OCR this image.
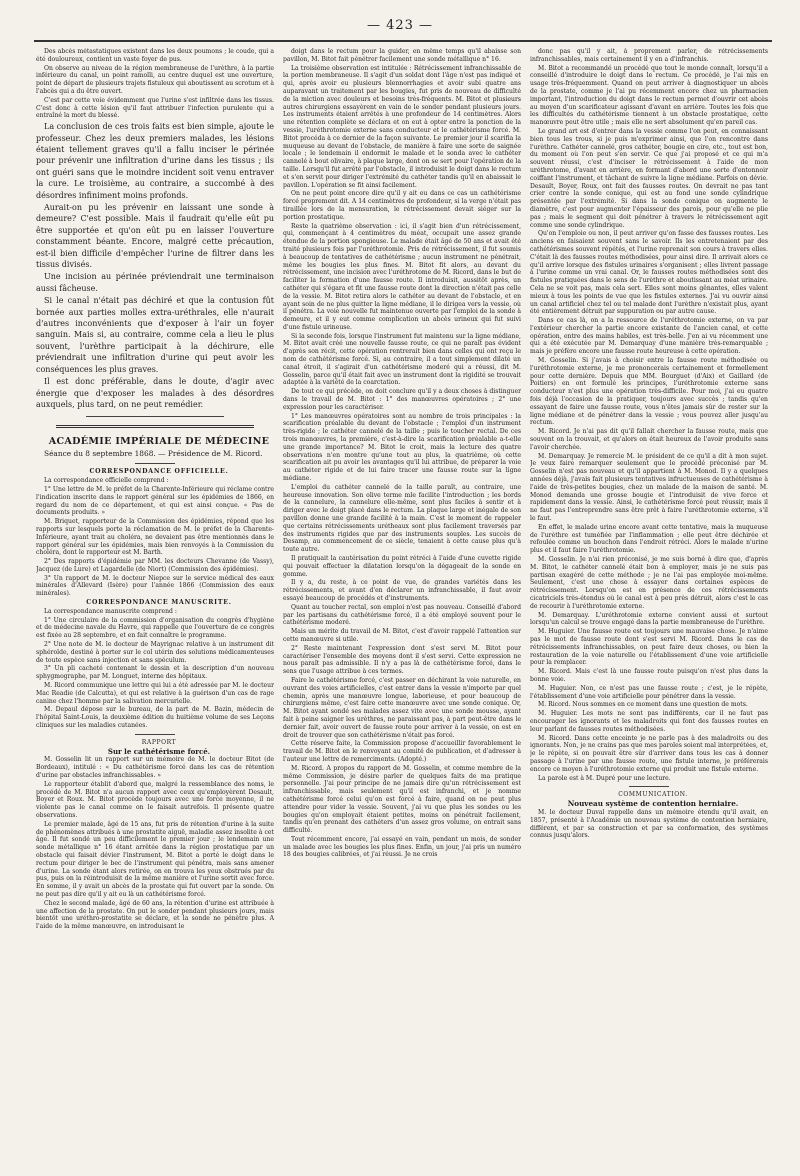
— 423 —

Des abcès métastatiques existent dans les deux poumons ; le coude, qui a été douloureux, contient un vaste foyer de pus.

On observe au niveau de la région membraneuse de l'urèthre, à la partie inférieure du canal, un point ramolli, au centre duquel est une ouverture, point de départ de plusieurs trajets fistuleux qui aboutissent au scrotum et à l'abcès qui a du être ouvert.

C'est par cette voie évidemment que l'urine s'est infiltrée dans les tissus. C'est donc à cette lésion qu'il faut attribuer l'infection purulente qui a entraîné la mort du blessé.

La conclusion de ces trois faits est bien simple, ajoute le professeur. Chez les deux premiers malades, les lésions étaient tellement graves qu'il a fallu inciser le périnée pour prévenir une infiltration d'urine dans les tissus ; ils ont guéri sans que le moindre incident soit venu entraver la cure. Le troisième, au contraire, a succombé à des désordres infiniment moins profonds.

Aurait-on pu les prévenir en laissant une sonde à demeure? C'est possible. Mais il faudrait qu'elle eût pu être supportée et qu'on eût pu en laisser l'ouverture constamment béante. Encore, malgré cette précaution, est-il bien difficile d'empêcher l'urine de filtrer dans les tissus divisés.

Une incision au périnée préviendrait une terminaison aussi fâcheuse.

Si le canal n'était pas déchiré et que la contusion fût bornée aux parties molles extra-uréthrales, elle n'aurait d'autres inconvénients que d'exposer à l'air un foyer sanguin. Mais si, au contraire, comme cela a lieu le plus souvent, l'urèthre participait à la déchirure, elle préviendrait une infiltration d'urine qui peut avoir les conséquences les plus graves.

Il est donc préférable, dans le doute, d'agir avec énergie que d'exposer les malades à des désordres auxquels, plus tard, on ne peut remédier.

ACADÉMIE IMPÉRIALE DE MÉDECINE

Séance du 8 septembre 1868. — Présidence de M. Ricord.

CORRESPONDANCE OFFICIELLE.

La correspondance officielle comprend :

1° Une lettre de M. le préfet de la Charente-Inférieure qui réclame contre l'indication inscrite dans le rapport général sur les épidémies de 1866, en regard du nom de ce département, et qui est ainsi conçue. « Pas de documents produits. »

M. Briquet, rapporteur de la Commission des épidémies, répond que les rapports sur lesquels porte la réclamation de M. le préfet de la Charente-Inférieure, ayant trait au choléra, ne devaient pas être mentionnés dans le rapport général sur les épidémies, mais bien renvoyés à la Commission du choléra, dont le rapporteur est M. Barth.

2° Des rapports d'épidémie par MM. les docteurs Chevanne (de Vassy), Jacquez (de Lure) et Lagardelle (de Niort) (Commission des épidémies).

3° Un rapport de M. le docteur Niepce sur le service médical des eaux minérales d'Allevard (Isère) pour l'année 1866 (Commission des eaux minérales).

CORRESPONDANCE MANUSCRITE.

La correspondance manuscrite comprend :

1° Une circulaire de la commission d'organisation du congrès d'hygiène et de médecine navale du Havre, qui rappelle que l'ouverture de ce congrès est fixée au 28 septembre, et en fait connaître le programme.

2° Une note de M. le docteur de Mayrignac relative à un instrument dit sphéroïde, destiné à porter sur le col utérin des solutions médicamenteuses de toute espèce sans injection et sans spéculum.

3° Un pli cacheté contenant le dessin et la description d'un nouveau sphygmographe, par M. Longuet, interne des hôpitaux.

M. Ricord communique une lettre qui lui a été adressée par M. le docteur Mac Readie (de Calcutta), et qui est relative à la guérison d'un cas de rage canine chez l'homme par la salivation mercurielle.

M. Depaul dépose sur le bureau, de la part de M. Bazin, médecin de l'hôpital Saint-Louis, la deuxième édition du huitième volume de ses Leçons cliniques sur les maladies cutanées.

RAPPORT

Sur le cathétérisme forcé.

M. Gosselin lit un rapport sur un mémoire de M. le docteur Bitot (de Bordeaux), intitulé : « Du cathétérisme forcé dans les cas de rétention d'urine par obstacles infranchissables. »

Le rapporteur établit d'abord que, malgré la ressemblance des noms, le procédé de M. Bitot n'a aucun rapport avec ceux qu'employèrent Desault, Boyer et Roux. M. Bitot procède toujours avec une force moyenne, il ne violente pas le canal comme on le faisait autrefois. Il présente quatre observations.

Le premier malade, âgé de 15 ans, fut pris de rétention d'urine à la suite de phénomènes attribués à une prostatite aiguë, maladie assez insolite à cet âge. Il fut sondé un peu difficilement le premier jour ; le lendemain une sonde métallique n° 16 étant arrêtée dans la région prostatique par un obstacle qui faisait dévier l'instrument, M. Bitot a porté le doigt dans le rectum pour diriger le bec de l'instrument qui pénétra, mais sans amener d'urine. La sonde étant alors retirée, on en trouva les yeux obstrués par du pus, puis on la réintroduisit de la même manière et l'urine sortit avec force. En somme, il y avait un abcès de la prostate qui fut ouvert par la sonde. On ne peut pas dire qu'il y ait eu là un cathétérisme forcé.

Chez le second malade, âgé de 60 ans, la rétention d'urine est attribuée à une affection de la prostate. On put le sonder pendant plusieurs jours, mais bientôt une uréthro-prostatite se déclare, et la sonde ne pénètre plus. A l'aide de la même manœuvre, en introduisant le

doigt dans le rectum pour la guider, en même temps qu'il abaisse son pavillon, M. Bitot fait pénétrer facilement une sonde métallique n° 16.

La troisième observation est intitulée : Rétrécissement infranchissable de la portion membraneuse. Il s'agit d'un soldat dont l'âge n'est pas indiqué et qui, après avoir eu plusieurs blennorrhagies et avoir subi quatre ans auparavant un traitement par les bougies, fut pris de nouveau de difficulté de la miction avec douleurs et besoins très-fréquents. M. Bitot et plusieurs autres chirurgiens essayèrent en vain de le sonder pendant plusieurs jours. Les instruments étaient arrêtés à une profondeur de 14 centimètres. Alors une rétention complète se déclara et on eut à opter entre la ponction de la vessie, l'uréthrotomie externe sans conducteur et le cathétérisme forcé. M. Bitot procéda à ce dernier de la façon suivante. Le premier jour il scarifia la muqueuse au devant de l'obstacle, de manière à faire une sorte de saignée locale ; le lendemain il endormit le malade et le sonda avec le cathéter cannelé à bout olivaire, à plaque large, dont on se sert pour l'opération de la taille. Lorsqu'il fut arrêté par l'obstacle, il introduisit le doigt dans le rectum et s'en servit pour diriger l'extrémité du cathéter tandis qu'il en abaissait le pavillon. L'opération se fit ainsi facilement.

On ne peut point encore dire qu'il y ait eu dans ce cas un cathétérisme forcé proprement dit. A 14 centimètres de profondeur, si la verge n'était pas tiraillée lors de la mensuration, le rétrécissement devait siéger sur la portion prostatique.

Reste la quatrième observation : ici, il s'agit bien d'un rétrécissement, qui, commençant à 4 centimètres du méat, occupait une assez grande étendue de la portion spongieuse. Le malade était âgé de 50 ans et avait été traité plusieurs fois par l'uréthrotomie. Pris de rétrécissement, il fut soumis à beaucoup de tentatives de cathétérisme ; aucun instrument ne pénétrait, même les bougies les plus fines. M. Bitot fit alors, au devant du rétrécissement, une incision avec l'uréthrotome de M. Ricord, dans le but de faciliter la formation d'une fausse route. Il introduisit, aussitôt après, un cathéter qui s'égara et fit une fausse route dont la direction n'était pas celle de la vessie. M. Bitot retira alors le cathéter au devant de l'obstacle, et en ayant soin de ne plus quitter la ligne médiane, il le dirigea vers la vessie, où il pénétra. La voie nouvelle fut maintenue ouverte par l'emploi de la sonde à demeure, et il y eut comme complication un abcès urineux qui fut suivi d'une fistule urineuse.

Si la seconde fois, lorsque l'instrument fut maintenu sur la ligne médiane, M. Bitot avait créé une nouvelle fausse route, ce qui ne paraît pas évident d'après son récit, cette opération rentrerait bien dans celles qui ont reçu le nom de cathétérisme forcé. Si, au contraire, il a tout simplement dilaté un canal étroit, il s'agirait d'un cathétérisme moderé qui a réussi, dit M. Gosselin, parce qu'il était fait avec un instrument dont la rigidité se trouvait adaptée à la variété de la coarctation.

De tout ce qui précède, on doit conclure qu'il y a deux choses à distinguer dans le travail de M. Bitot : 1° des manœuvres opératoires ; 2° une expression pour les caractériser.

1° Les manœuvres opératoires sont au nombre de trois principales : la scarification préalable du devant de l'obstacle ; l'emploi d'un instrument très-rigide ; le cathéter cannelé de la taille ; puis le toucher rectal. De ces trois manœuvres, la première, c'est-à-dire la scarification préalable a-t-elle une grande importance? M. Bitot le croit, mais la lecture des quatre observations n'en montre qu'une tout au plus, la quatrième, où cette scarification ait pu avoir les avantages qu'il lui attribue, de préparer la voie au cathéter rigide et de lui faire tracer une fausse route sur la ligne médiane.

L'emploi du cathéter cannelé de la taille paraît, au contraire, une heureuse innovation. Son olive terme mle facilite l'introduction ; les bords de la cannelure, la cannelure elle-même, sont plus faciles à sentir et à diriger avec le doigt placé dans le rectum. La plaque large et inégale de son pavillon donne une grande facilité à la main. C'est le moment de rappeler que certains rétrécissements urétheaux sont plus facilement traversés par des instruments rigides que par des instruments souples. Les succès de Desamp, au commencement de ce siècle, tenaient à cette cause plus qu'à toute autre.

Il pratiquait la cautérisation du point rétréci à l'aide d'une cuvette rigide qui pouvait effectuer la dilatation lorsqu'on la dégageait de la sonde en gomme.

Il y a, du reste, à ce point de vue, de grandes variétés dans les rétrécissements, et avant d'en déclarer un infranchissable, il faut avoir essayé beaucoup de procédés et d'instruments.

Quant au toucher rectal, son emploi n'est pas nouveau. Conseillé d'abord par les partisans du cathétérisme forcé, il a été employé souvent pour le cathétérisme moderé.

Mais un mérite du travail de M. Bitot, c'est d'avoir rappelé l'attention sur cette manœuvre si utile.

2° Reste maintenant l'expression dont s'est servi M. Bitot pour caractériser l'ensemble des moyens dont il s'est servi. Cette expression ne nous paraît pas admissible. Il n'y a pas là de cathétérisme forcé, dans le sens que l'usage attribue à ces termes.

Faire le cathétérisme forcé, c'est passer en déchirant la voie naturelle, en ouvrant des voies artificielles, c'est entrer dans la vessie n'importe par quel chemin, après une manœuvre longue, laborieuse, et pour beaucoup de chirurgiens même, c'est faire cette manœuvre avec une sonde conique. Or, M. Bitot ayant sondé ses malades assez vite avec une sonde mousse, ayant fait à peine saigner les urèthres, ne paraissant pas, à part peut-être dans le dernier fait, avoir ouvert de fausse route pour arriver à la vessie, on est en droit de trouver que son cathétérisme n'était pas forcé.

Cette réserve faite, la Commission propose d'accueillir favorablement le travail de M. Bitot en le renvoyant au comité de publication, et d'adresser à l'auteur une lettre de remerciments. (Adopté.)

M. Ricord. A propos du rapport de M. Gosselin, et comme membre de la même Commission, je désire parler de quelques faits de ma pratique personnelle. J'ai pour principe de ne jamais dire qu'un rétrécissement est infranchissable, mais seulement qu'il est infranchi, et je nomme cathétérisme forcé celui qu'on est forcé à faire, quand on ne peut plus attendre pour vider la vessie. Souvent, j'ai vu que plus les sondes ou les bougies qu'on employait étaient petites, moins on pénétrait facilement, tandis qu'en prenant des cathéters d'un assez gros volume, on entrait sans difficulté.

Tout récemment encore, j'ai essayé en vain, pendant un mois, de sonder un malade avec les bougies les plus fines. Enfin, un jour, j'ai pris un numéro 18 des bougies calibrées, et j'ai réussi. Je ne crois

donc pas qu'il y ait, à proprement parler, de rétrécissements infranchissables, mais certainement il y en a d'infranchis.

M. Bitot a recommandé un procédé que tout le monde connaît, lorsqu'il a conseillé d'introduire le doigt dans le rectum. Ce procédé, je l'ai mis en usage très-fréquemment. Quand on peut arriver à diagnostiquer un abcès de la prostate, comme je l'ai pu récemment encore chez un pharmacien important, l'introduction du doigt dans le rectum permet d'ouvrir cet abcès au moyen d'un scarificateur agissant d'avant en arrière. Toutes les fois que les difficultés du cathétérisme tiennent à un obstacle prostatique, cette manœuvre peut être utile ; mais elle ne sert absolument qu'en pareil cas.

Le grand art est d'entrer dans la vessie comme l'on peut, en connaissant bien tous les trous, si je puis m'exprimer ainsi, que l'on rencontre dans l'urèthre. Cathéter cannelé, gros cathéter, bougie en cire, etc., tout est bon, du moment où l'on peut s'en servir. Ce que j'ai proposé et ce qui m'a souvent réussi, c'est d'inciser le rétrécissement à l'aide de mon uréthrotome, d'avant en arrière, en formant d'abord une sorte d'entonnoir coiffant l'instrument, et tâchant de suivre la ligne médiane. Parfois on dévie. Desault, Boyer, Roux, ont fait des fausses routes. On devrait ne pas tant crier contre la sonde conique, qui est au fond une sonde cylindrique présentée par l'extrémité. Si dans la sonde conique on augmente le diamètre, c'est pour augmenter l'épaisseur des parois, pour qu'elle ne plie pas ; mais le segment qui doit pénétrer à travers le rétrécissement agit comme une sonde cylindrique.

Qu'on l'emploie ou non, il peut arriver qu'on fasse des fausses routes. Les anciens en faisaient souvent sans le savoir. Ils les entretenaient par des cathétérismes souvent répétés, et l'urine reprenait son cours à travers elles. C'était là des fausses routes méthodisées, pour ainsi dire. Il arrivait alors ce qu'il arrive lorsque des fistules urinaires s'organisent ; elles livrent passage à l'urine comme un vrai canal. Or, le fausses routes méthodisées sont des fistules pratiquées dans le sens de l'urèthre et aboutissant au méat urinaire. Cela ne se voit pas, mais cela sert. Elles sont moins gênantes, elles valent mieux à tous les points de vue que les fistules externes. J'ai vu ouvrir ainsi un canal artificiel chez tel ou tel malade dont l'urèthre n'existait plus, ayant été entièrement détruit par suppuration ou par autre cause.

Dans ce cas là, on a la ressource de l'uréthrotomie externe, on va par l'extérieur chercher la partie encore existante de l'ancien canal, et cette opération, entre des mains habiles, est très-belle. J'en ai vu récemment une qui a été exécutée par M. Demarquay d'une manière très-remarquable ; mais je préfère encore une fausse route heureuse à cette opération.

M. Gosselin. Si j'avais à choisir entre la fausse route méthodisée ou l'uréthrotomie externe, je me prononcerais certainement et formellement pour cette dernière. Depuis que MM. Bourguet (d'Aix) et Gaillard (de Poitiers) en ont formulé les principes, l'uréthrotomie externe sans conducteur n'est plus une opération très-difficile. Pour moi, j'ai eu quatre fois déjà l'occasion de la pratiquer, toujours avec succès ; tandis qu'en essayant de faire une fausse route, vous n'êtes jamais sûr de rester sur la ligne médiane et de pénétrer dans la vessie ; vous pouvez aller jusqu'au rectum.

M. Ricord. Je n'ai pas dit qu'il fallait chercher la fausse route, mais que souvent on la trouvait, et qu'alors on était heureux de l'avoir produite sans l'avoir cherchée.

M. Demarquay. Je remercie M. le président de ce qu'il a dit à mon sujet. Je veux faire remarquer seulement que le procédé préconisé par M. Gosselin n'est pas nouveau et qu'il appartient à M. Monod. Il y a quelques années déjà, j'avais fait plusieurs tentatives infructueuses de cathétérisme à l'aide de très-petites bougies, chez un malade de la maison de santé. M. Monod demanda une grosse bougie et l'introduisit de vive force et rapidement dans la vessie. Ainsi, le cathétérisme forcé peut réussir, mais il ne faut pas l'entreprendre sans être prêt à faire l'uréthrotomie externe, s'il le faut.

En effet, le malade urine encore avant cette tentative, mais la muqueuse de l'urèthre est tuméfiée par l'inflammation ; elle peut être déchirée et refoulée comme un bouchon dans l'endroit rétréci. Alors le malade n'urine plus et il faut faire l'uréthrotomie.

M. Gosselin. Je n'ai rien préconisé, je me suis borné à dire que, d'après M. Bitot, le cathéter cannelé était bon à employer, mais je ne suis pas partisan exagéré de cette méthode ; je ne l'ai pas employée moi-même. Seulement, c'est une chose à essayer dans certaines espèces de rétrécissement. Lorsqu'on est en présence de ces rétrécissements cicatriciels très-étendus où le canal est à peu près détruit, alors c'est le cas de recourir à l'uréthrotomie externe.

M. Demarquay. L'uréthrotomie externe convient aussi et surtout lorsqu'un calcul se trouve engagé dans la partie membraneuse de l'urèthre.

M. Huguier. Une fausse route est toujours une mauvaise chose. Je n'aime pas le mot de fausse route dont s'est servi M. Ricord. Dans le cas de rétrécissements infranchissables, on peut faire deux choses, ou bien la restauration de la voie naturelle ou l'établissement d'une voie artificielle pour la remplacer.

M. Ricord. Mais c'est là une fausse route puisqu'on n'est plus dans la bonne voie.

M. Huguier. Non, ce n'est pas une fausse route ; c'est, je le répète, l'établissement d'une voie artificielle pour pénétrer dans la vessie.

M. Ricord. Nous sommes en ce moment dans une question de mots.

M. Huguier. Les mots ne sont pas indifférents, car il ne faut pas encourager les ignorants et les maladroits qui font des fausses routes en leur parlant de fausses routes méthodisées.

M. Ricord. Dans cette enceinte je ne parle pas à des maladroits ou des ignorants. Non, je ne crains pas que mes paroles soient mal interprétées, et, je le répète, si on pouvait être sûr d'arriver dans tous les cas à donner passage à l'urine par une fausse route, une fistule interne, je préférerais encore ce moyen à l'uréthrotomie externe qui produit une fistule externe.

La parole est à M. Dupré pour une lecture.

COMMUNICATION.

Nouveau système de contention herniaire.

M. le docteur Duval rappelle dans un mémoire étendu qu'il avait, en 1857, présenté à l'Académie un nouveau système de contention herniaire, différent, et par sa construction et par sa conformation, des systèmes connus jusqu'alors.
